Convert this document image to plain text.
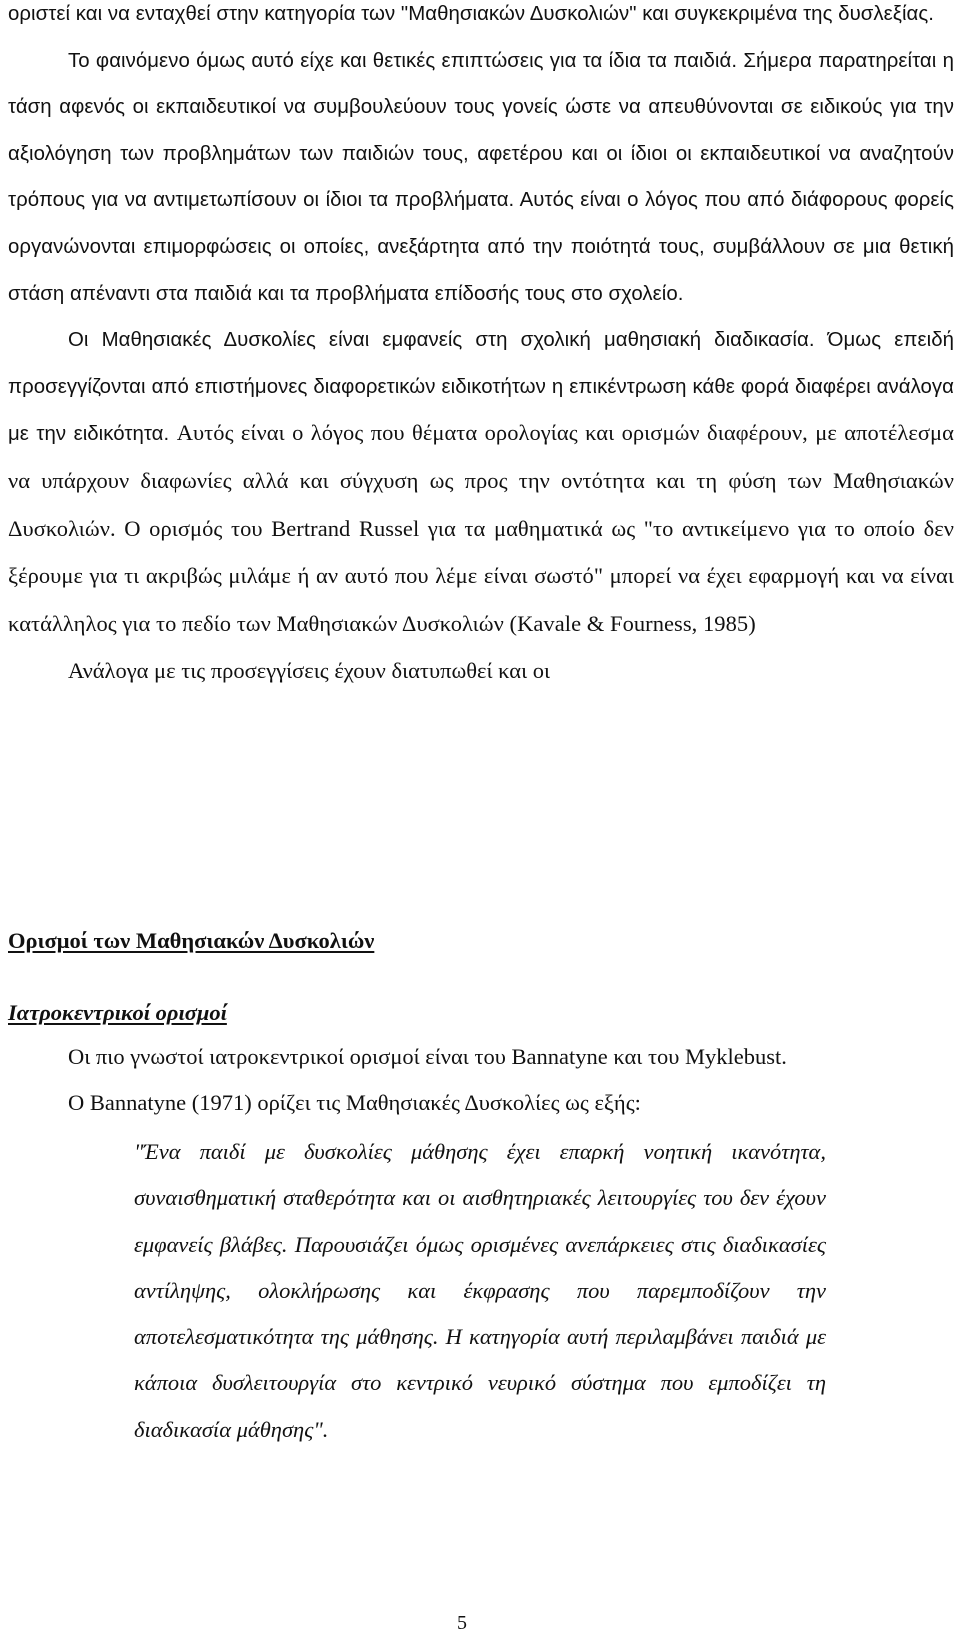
οριστεί και να ενταχθεί στην κατηγορία των "Μαθησιακών Δυσκολιών" και συγκεκριμένα της δυσλεξίας.

Το φαινόμενο όμως αυτό είχε και θετικές επιπτώσεις για τα ίδια τα παιδιά. Σήμερα παρατηρείται η τάση αφενός οι εκπαιδευτικοί να συμβουλεύουν τους γονείς ώστε να απευθύνονται σε ειδικούς για την αξιολόγηση των προβλημάτων των παιδιών τους, αφετέρου και οι ίδιοι οι εκπαιδευτικοί να αναζητούν τρόπους για να αντιμετωπίσουν οι ίδιοι τα προβλήματα. Αυτός είναι ο λόγος που από διάφορους φορείς οργανώνονται επιμορφώσεις οι οποίες, ανεξάρτητα από την ποιότητά τους, συμβάλλουν σε μια θετική στάση απέναντι στα παιδιά και τα προβλήματα επίδοσής τους στο σχολείο.

Οι Μαθησιακές Δυσκολίες είναι εμφανείς στη σχολική μαθησιακή διαδικασία. Όμως επειδή προσεγγίζονται από επιστήμονες διαφορετικών ειδικοτήτων η επικέντρωση κάθε φορά διαφέρει ανάλογα με την ειδικότητα. Αυτός είναι ο λόγος που θέματα ορολογίας και ορισμών διαφέρουν, με αποτέλεσμα να υπάρχουν διαφωνίες αλλά και σύγχυση ως προς την οντότητα και τη φύση των Μαθησιακών Δυσκολιών. Ο ορισμός του Bertrand Russel για τα μαθηματικά ως "το αντικείμενο για το οποίο δεν ξέρουμε για τι ακριβώς μιλάμε ή αν αυτό που λέμε είναι σωστό" μπορεί να έχει εφαρμογή και να είναι κατάλληλος για το πεδίο των Μαθησιακών Δυσκολιών (Kavale & Fourness, 1985)

Ανάλογα με τις προσεγγίσεις έχουν διατυπωθεί και οι

Ορισμοί των Μαθησιακών Δυσκολιών

Ιατροκεντρικοί ορισμοί

Οι πιο γνωστοί ιατροκεντρικοί ορισμοί είναι του Bannatyne και του Myklebust.

Ο Bannatyne (1971) ορίζει τις Μαθησιακές Δυσκολίες ως εξής:

"Ένα παιδί με δυσκολίες μάθησης έχει επαρκή νοητική ικανότητα, συναισθηματική σταθερότητα και οι αισθητηριακές λειτουργίες του δεν έχουν εμφανείς βλάβες. Παρουσιάζει όμως ορισμένες ανεπάρκειες στις διαδικασίες αντίληψης, ολοκλήρωσης και έκφρασης που παρεμποδίζουν την αποτελεσματικότητα της μάθησης. Η κατηγορία αυτή περιλαμβάνει παιδιά με κάποια δυσλειτουργία στο κεντρικό νευρικό σύστημα που εμποδίζει τη διαδικασία μάθησης".

5
